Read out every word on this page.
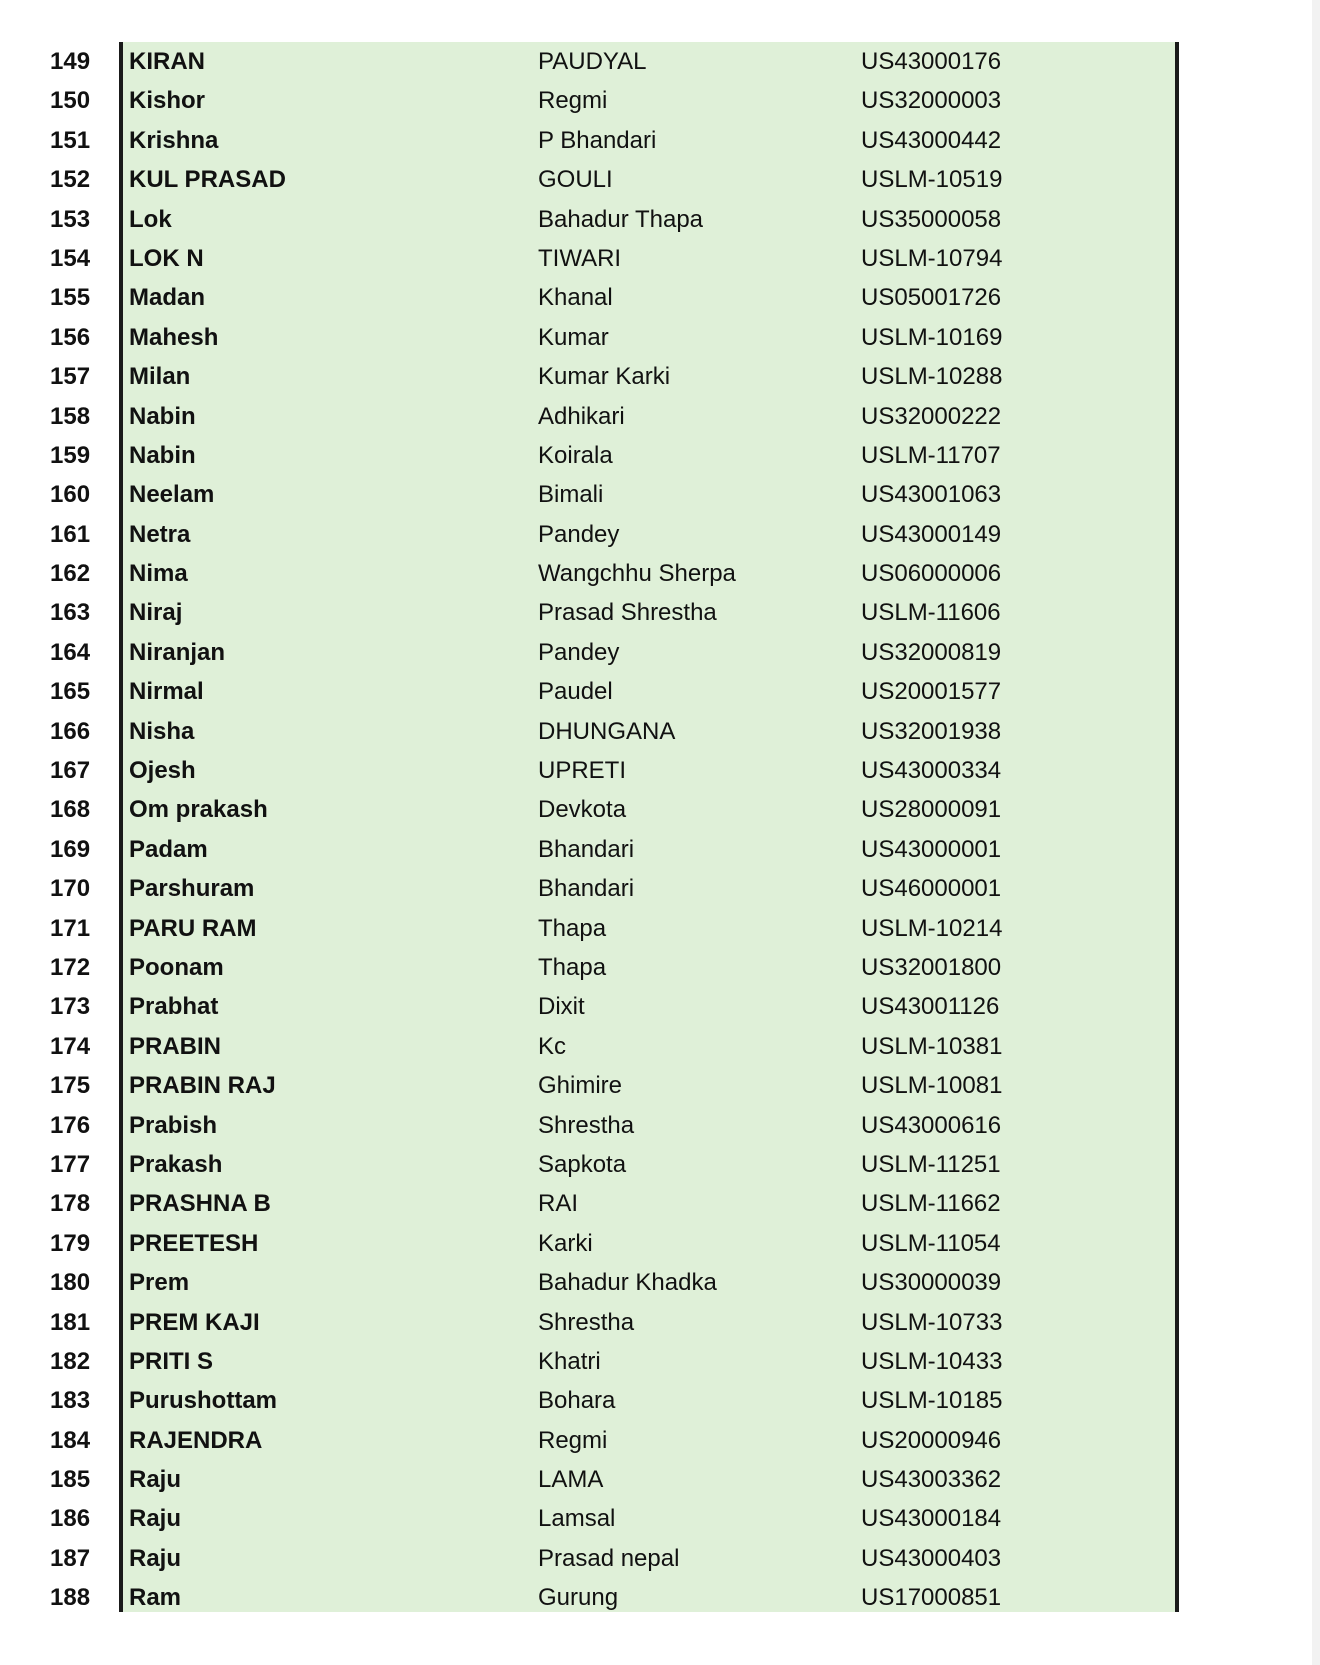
149 KIRAN	PAUDYAL	US43000176
150 Kishor	Regmi	US32000003
151 Krishna	P Bhandari	US43000442
152 KUL PRASAD	GOULI	USLM-10519
153 Lok	Bahadur Thapa	US35000058
154 LOK N	TIWARI	USLM-10794
155 Madan	Khanal	US05001726
156 Mahesh	Kumar	USLM-10169
157 Milan	Kumar Karki	USLM-10288
158 Nabin	Adhikari	US32000222
159 Nabin	Koirala	USLM-11707
160 Neelam	Bimali	US43001063
161 Netra	Pandey	US43000149
162 Nima	Wangchhu Sherpa	US06000006
163 Niraj	Prasad Shrestha	USLM-11606
164 Niranjan	Pandey	US32000819
165 Nirmal	Paudel	US20001577
166 Nisha	DHUNGANA	US32001938
167 Ojesh	UPRETI	US43000334
168 Om prakash	Devkota	US28000091
169 Padam	Bhandari	US43000001
170 Parshuram	Bhandari	US46000001
171 PARU RAM	Thapa	USLM-10214
172 Poonam	Thapa	US32001800
173 Prabhat	Dixit	US43001126
174 PRABIN	Kc	USLM-10381
175 PRABIN RAJ	Ghimire	USLM-10081
176 Prabish	Shrestha	US43000616
177 Prakash	Sapkota	USLM-11251
178 PRASHNA B	RAI	USLM-11662
179 PREETESH	Karki	USLM-11054
180 Prem	Bahadur Khadka	US30000039
181 PREM KAJI	Shrestha	USLM-10733
182 PRITI S	Khatri	USLM-10433
183 Purushottam	Bohara	USLM-10185
184 RAJENDRA	Regmi	US20000946
185 Raju	LAMA	US43003362
186 Raju	Lamsal	US43000184
187 Raju	Prasad nepal	US43000403
188 Ram	Gurung	US17000851
